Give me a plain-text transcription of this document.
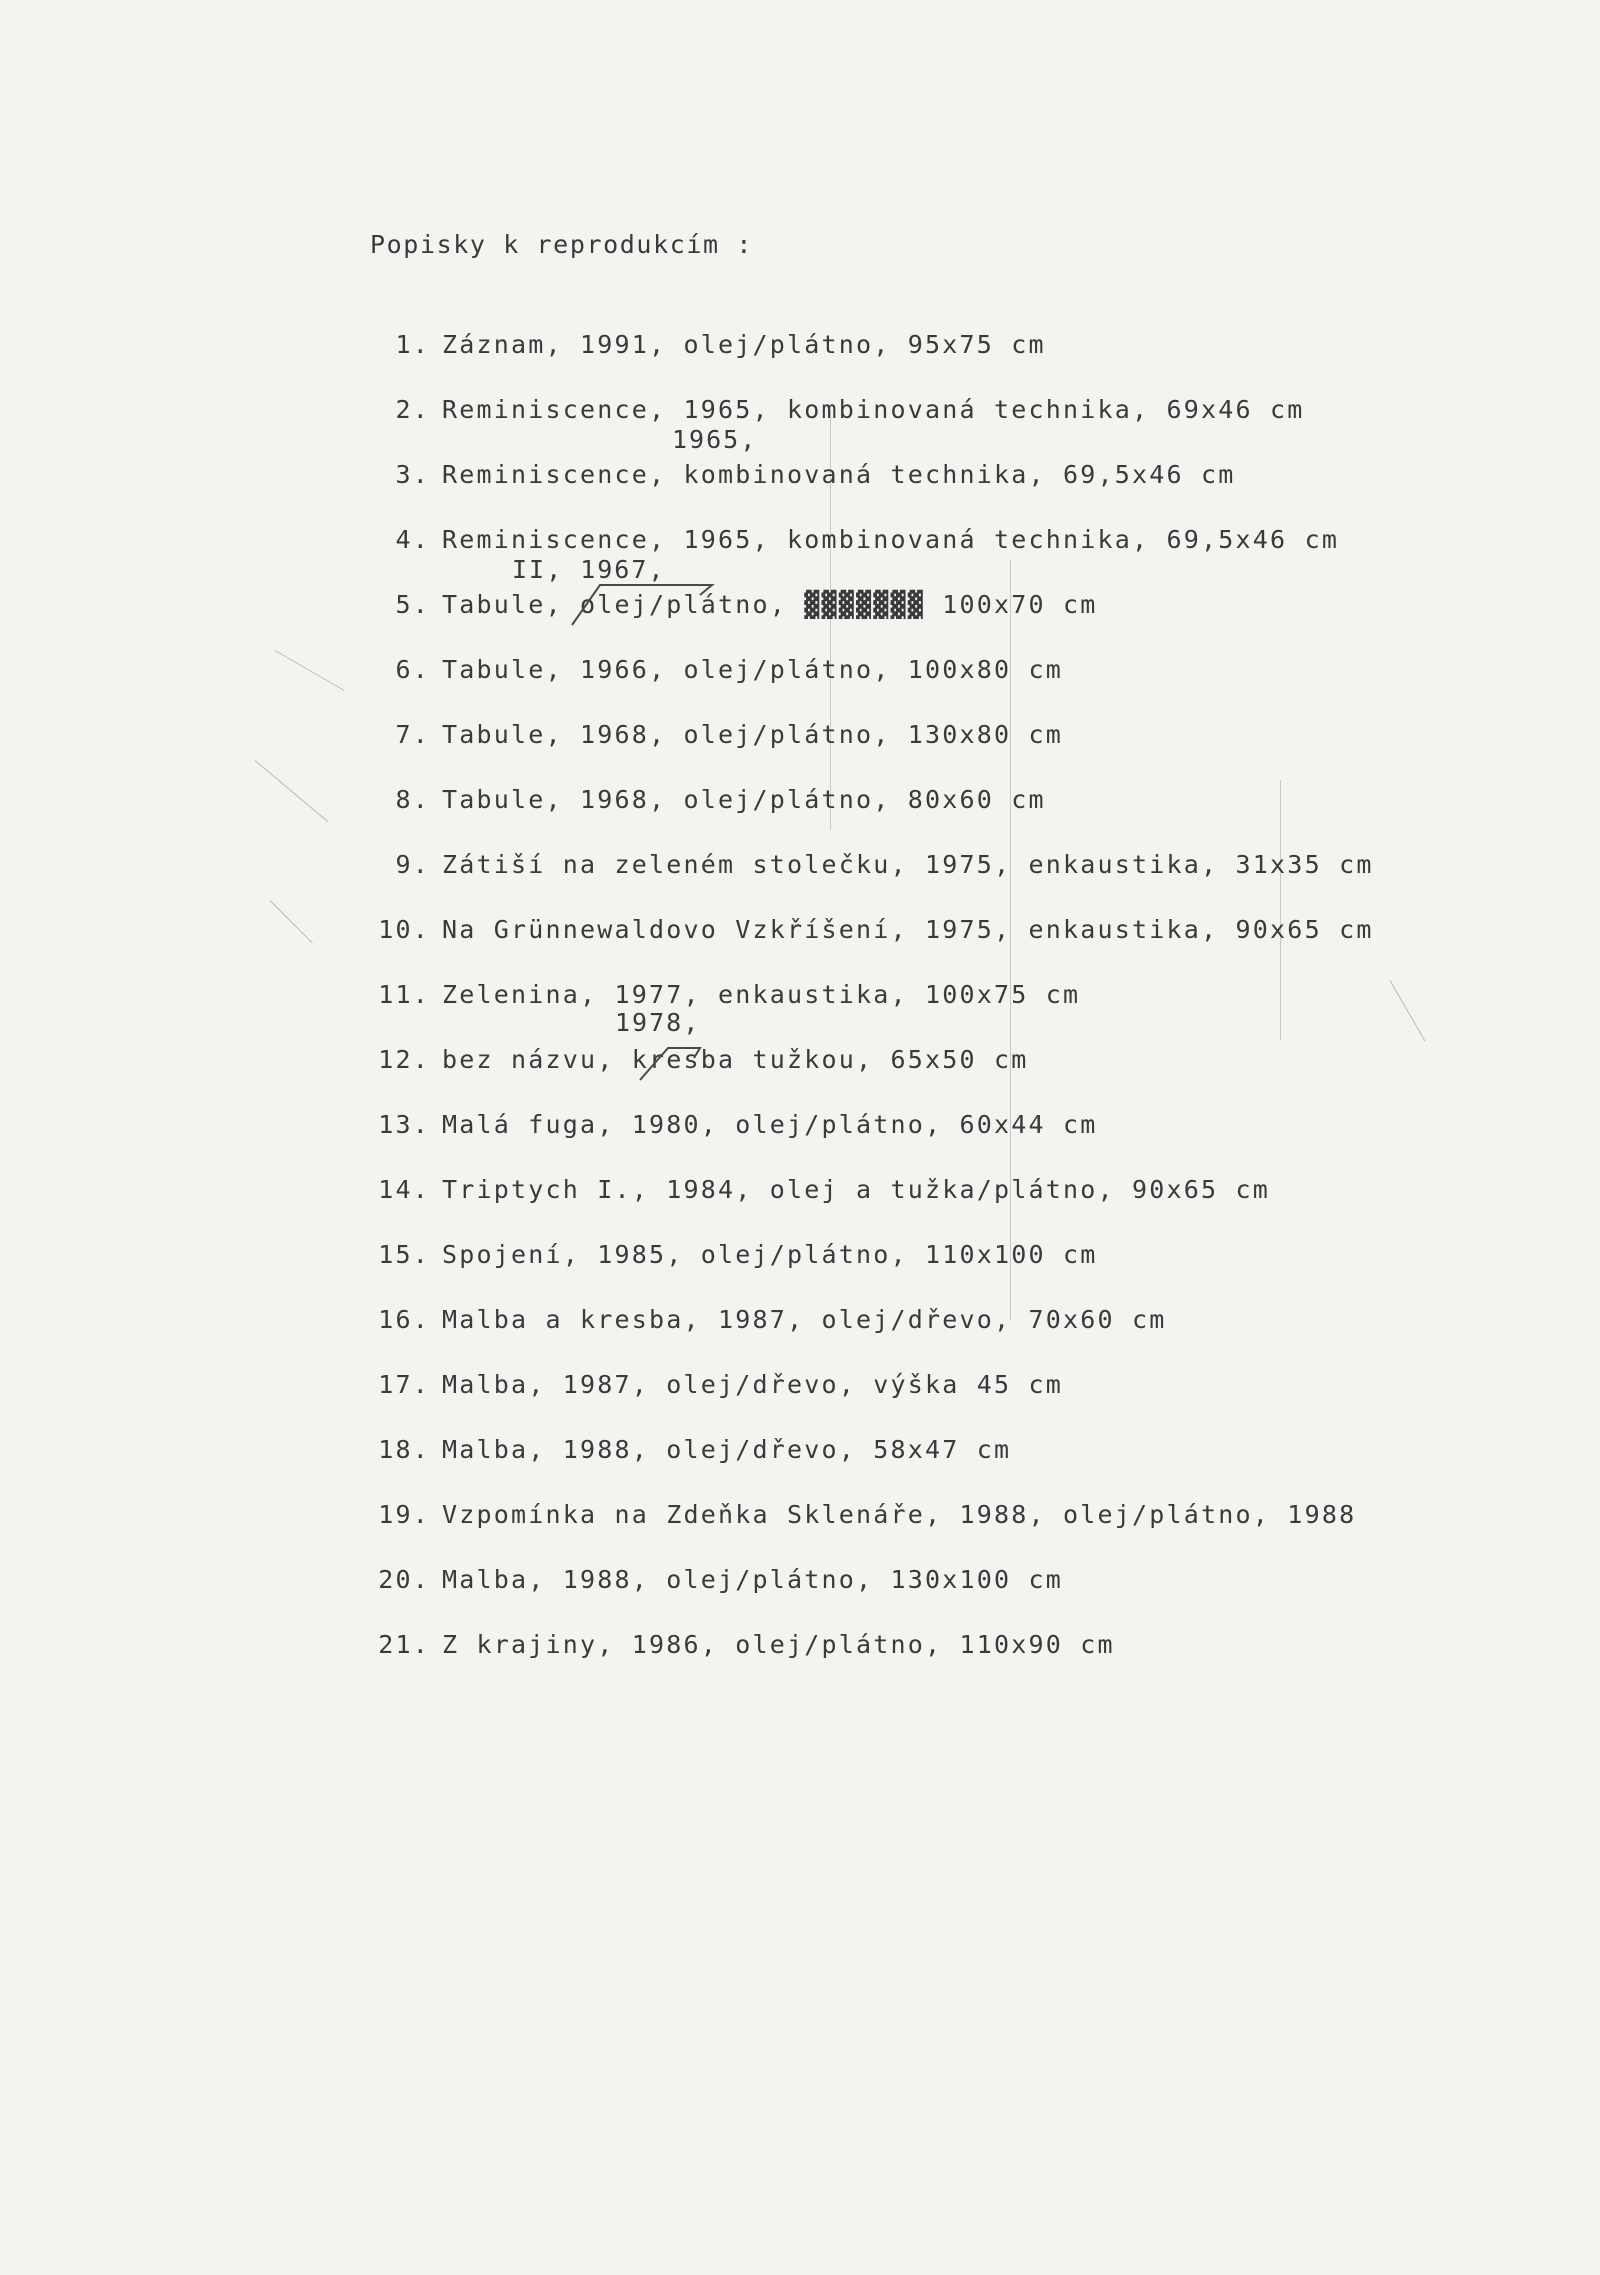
Popisky k reprodukcím :
1. Záznam, 1991, olej/plátno, 95x75 cm
2. Reminiscence, 1965, kombinovaná technika, 69x46 cm
1965,
3. Reminiscence, kombinovaná technika, 69,5x46 cm
4. Reminiscence, 1965, kombinovaná technika, 69,5x46 cm
II, 1967,
5. Tabule, olej/plátno, ▓▓▓▓▓▓▓ 100x70 cm
6. Tabule, 1966, olej/plátno, 100x80 cm
7. Tabule, 1968, olej/plátno, 130x80 cm
8. Tabule, 1968, olej/plátno, 80x60 cm
9. Zátiší na zeleném stolečku, 1975, enkaustika, 31x35 cm
10. Na Grünnewaldovo Vzkříšení, 1975, enkaustika, 90x65 cm
11. Zelenina, 1977, enkaustika, 100x75 cm
1978,
12. bez názvu, kresba tužkou, 65x50 cm
13. Malá fuga, 1980, olej/plátno, 60x44 cm
14. Triptych I., 1984, olej a tužka/plátno, 90x65 cm
15. Spojení, 1985, olej/plátno, 110x100 cm
16. Malba a kresba, 1987, olej/dřevo, 70x60 cm
17. Malba, 1987, olej/dřevo, výška 45 cm
18. Malba, 1988, olej/dřevo, 58x47 cm
19. Vzpomínka na Zdeňka Sklenáře, 1988, olej/plátno, 1988
20. Malba, 1988, olej/plátno, 130x100 cm
21. Z krajiny, 1986, olej/plátno, 110x90 cm
